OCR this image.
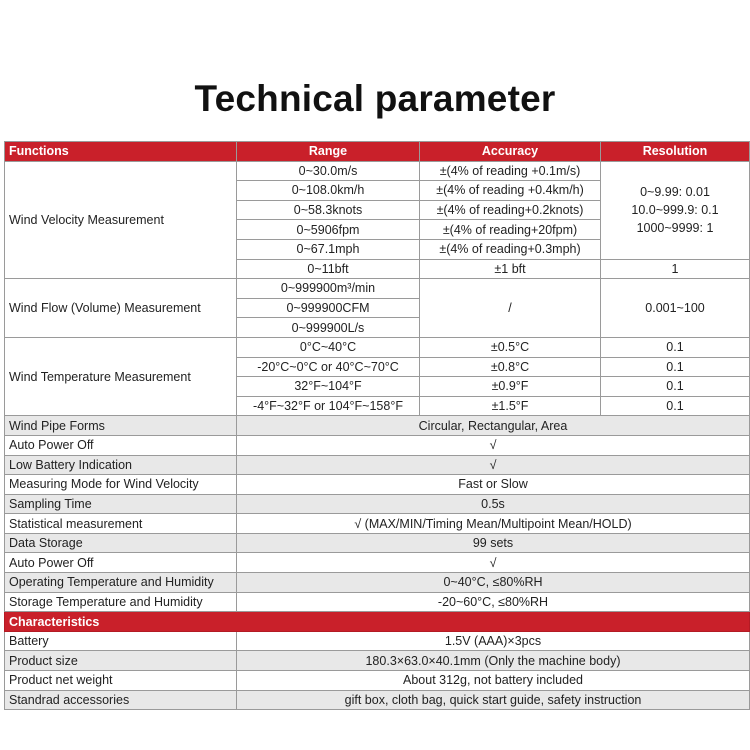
Technical parameter
Functions	Range	Accuracy	Resolution
Wind Velocity Measurement	0~30.0m/s	±(4% of reading +0.1m/s)	0~9.99: 0.01
10.0~999.9: 0.1
1000~9999: 1

	0~108.0km/h	±(4% of reading +0.4km/h)	
	0~58.3knots	±(4% of reading+0.2knots)	
	0~5906fpm	±(4% of reading+20fpm)	
	0~67.1mph	±(4% of reading+0.3mph)	
	0~11bft	±1 bft	1
Wind Flow (Volume) Measurement	0~999900m³/min	/	0.001~100
	0~999900CFM		
	0~999900L/s		
Wind Temperature Measurement	0°C~40°C	±0.5°C	0.1
	-20°C~0°C or 40°C~70°C	±0.8°C	0.1
	32°F~104°F	±0.9°F	0.1
	-4°F~32°F or 104°F~158°F	±1.5°F	0.1
Wind Pipe Forms	Circular, Rectangular, Area		
Auto Power Off	√		
Low Battery Indication	√		
Measuring Mode for Wind Velocity	Fast or Slow		
Sampling Time	0.5s		
Statistical measurement	√ (MAX/MIN/Timing Mean/Multipoint Mean/HOLD)		
Data Storage	99 sets		
Auto Power Off	√		
Operating Temperature and Humidity	0~40°C, ≤80%RH		
Storage Temperature and Humidity	-20~60°C, ≤80%RH		
Characteristics			
Battery	1.5V (AAA)×3pcs		
Product size	180.3×63.0×40.1mm (Only the machine body)		
Product net weight	About 312g, not battery included		
Standrad accessories	gift box, cloth bag, quick start guide, safety instruction		
